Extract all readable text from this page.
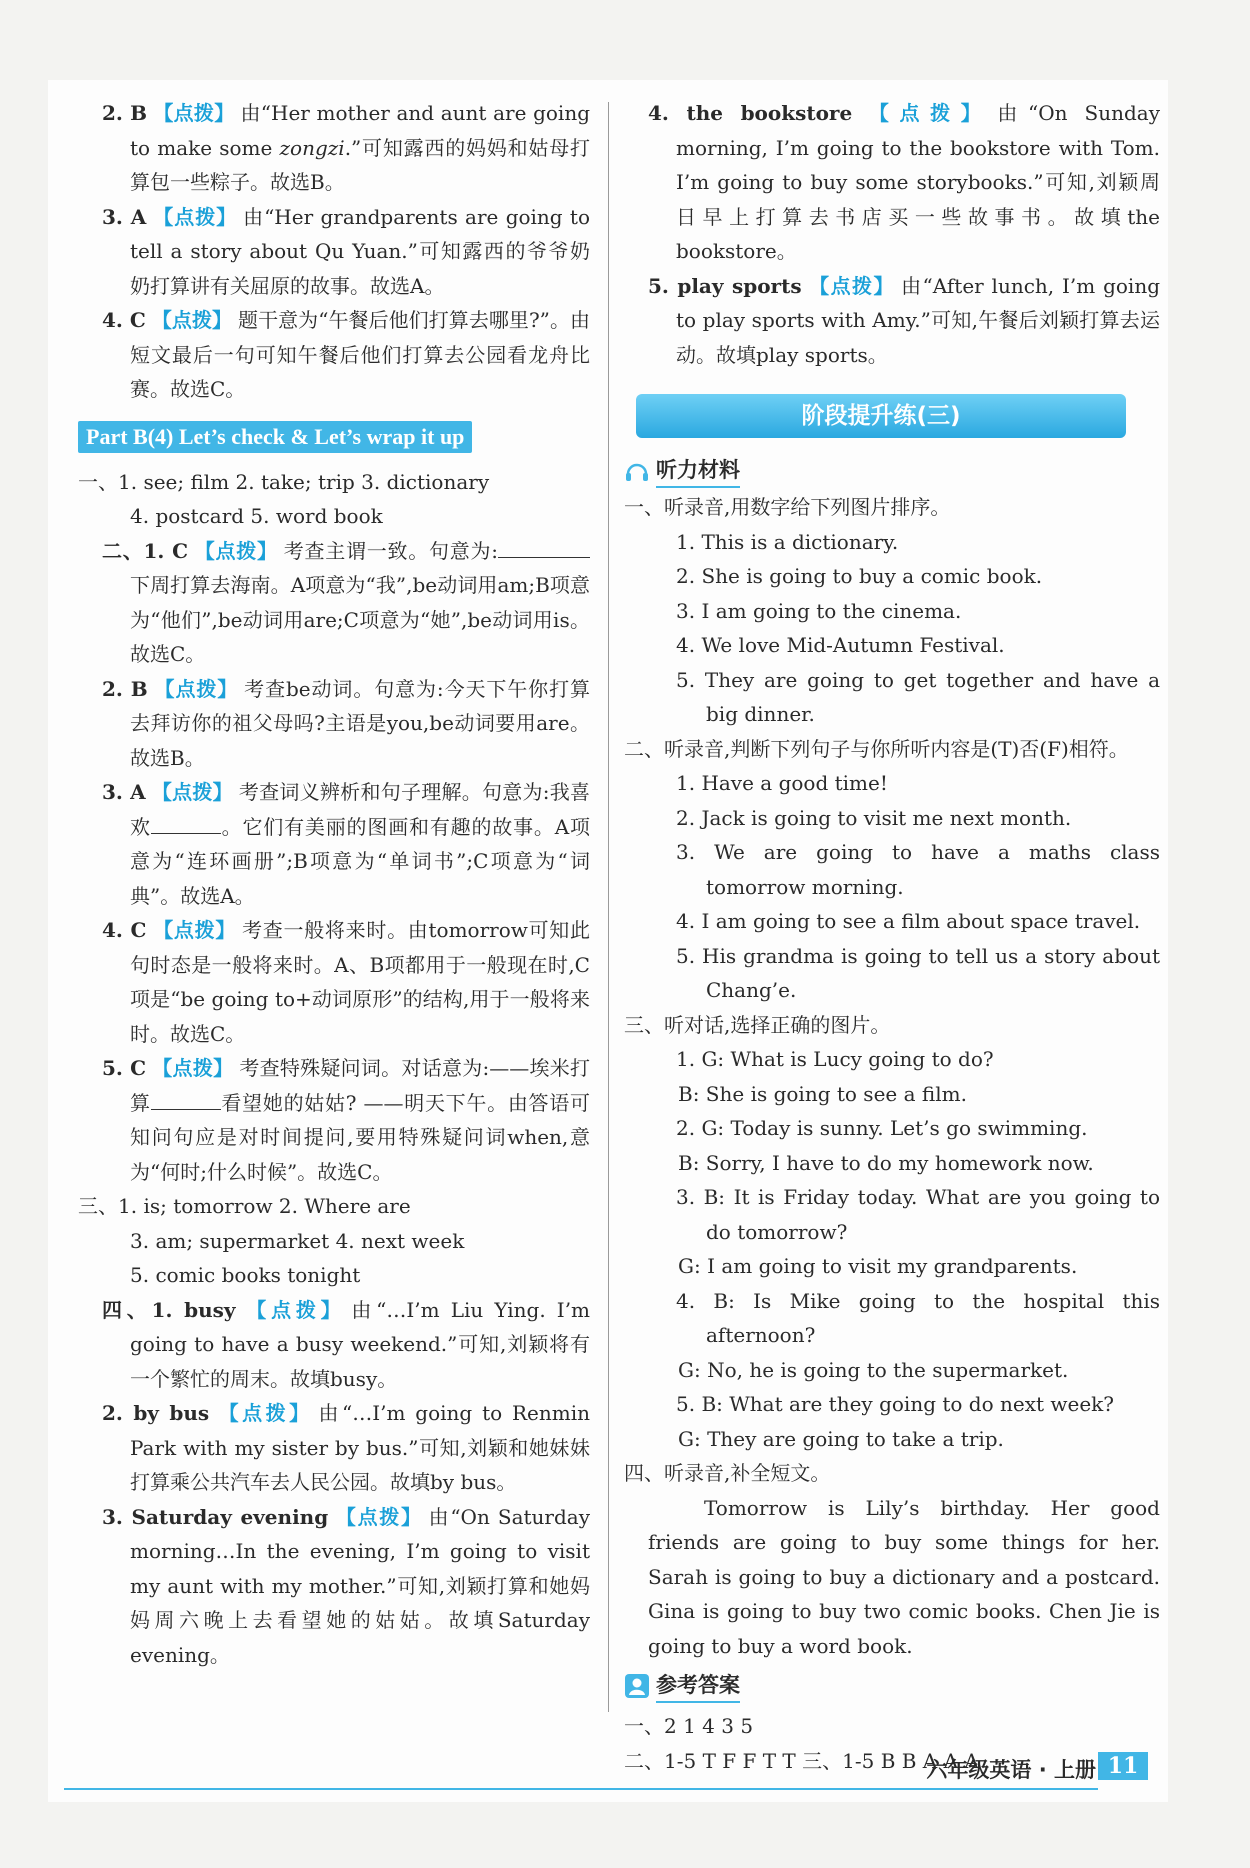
2. B 【点拨】 由“Her mother and aunt are going to make some zongzi.”可知露西的妈妈和姑母打算包一些粽子。故选B。

3. A 【点拨】 由“Her grandparents are going to tell a story about Qu Yuan.”可知露西的爷爷奶奶打算讲有关屈原的故事。故选A。

4. C 【点拨】 题干意为“午餐后他们打算去哪里?”。由短文最后一句可知午餐后他们打算去公园看龙舟比赛。故选C。

Part B(4) Let’s check & Let’s wrap it up

一、1. see; film 2. take; trip 3. dictionary

4. postcard 5. word book

二、1. C 【点拨】 考查主谓一致。句意为:下周打算去海南。A项意为“我”,be动词用am;B项意为“他们”,be动词用are;C项意为“她”,be动词用is。故选C。

2. B 【点拨】 考查be动词。句意为:今天下午你打算去拜访你的祖父母吗?主语是you,be动词要用are。故选B。

3. A 【点拨】 考查词义辨析和句子理解。句意为:我喜欢	。它们有美丽的图画和有趣的故事。A项意为“连环画册”;B项意为“单词书”;C项意为“词典”。故选A。

4. C 【点拨】 考查一般将来时。由tomorrow可知此句时态是一般将来时。A、B项都用于一般现在时,C项是“be going to+动词原形”的结构,用于一般将来时。故选C。

5. C 【点拨】 考查特殊疑问词。对话意为:——埃米打算	看望她的姑姑? ——明天下午。由答语可知问句应是对时间提问,要用特殊疑问词when,意为“何时;什么时候”。故选C。

三、1. is; tomorrow 2. Where are

3. am; supermarket 4. next week

5. comic books tonight

四、1. busy 【点拨】 由“…I’m Liu Ying. I’m going to have a busy weekend.”可知,刘颖将有一个繁忙的周末。故填busy。

2. by bus 【点拨】 由“…I’m going to Renmin Park with my sister by bus.”可知,刘颖和她妹妹打算乘公共汽车去人民公园。故填by bus。

3. Saturday evening 【点拨】 由“On Saturday morning…In the evening, I’m going to visit my aunt with my mother.”可知,刘颖打算和她妈妈周六晚上去看望她的姑姑。故填Saturday evening。

4. the bookstore 【点拨】 由“On Sunday morning, I’m going to the bookstore with Tom. I’m going to buy some storybooks.”可知,刘颖周日早上打算去书店买一些故事书。故填the bookstore。

5. play sports 【点拨】 由“After lunch, I’m going to play sports with Amy.”可知,午餐后刘颖打算去运动。故填play sports。

阶段提升练(三)
听力材料

一、听录音,用数字给下列图片排序。

1. This is a dictionary.

2. She is going to buy a comic book.

3. I am going to the cinema.

4. We love Mid-Autumn Festival.

5. They are going to get together and have a big dinner.

二、听录音,判断下列句子与你所听内容是(T)否(F)相符。

1. Have a good time!

2. Jack is going to visit me next month.

3. We are going to have a maths class tomorrow morning.

4. I am going to see a film about space travel.

5. His grandma is going to tell us a story about Chang’e.

三、听对话,选择正确的图片。

1. G: What is Lucy going to do?

B: She is going to see a film.

2. G: Today is sunny. Let’s go swimming.

B: Sorry, I have to do my homework now.

3. B: It is Friday today. What are you going to do tomorrow?

G: I am going to visit my grandparents.

4. B: Is Mike going to the hospital this afternoon?

G: No, he is going to the supermarket.

5. B: What are they going to do next week?

G: They are going to take a trip.

四、听录音,补全短文。

Tomorrow is Lily’s birthday. Her good friends are going to buy some things for her. Sarah is going to buy a dictionary and a postcard. Gina is going to buy two comic books. Chen Jie is going to buy a word book.

参考答案

一、2 1 4 3 5

二、1-5 T F F T T 三、1-5 B B A A A

六年级英语 · 上册 11
